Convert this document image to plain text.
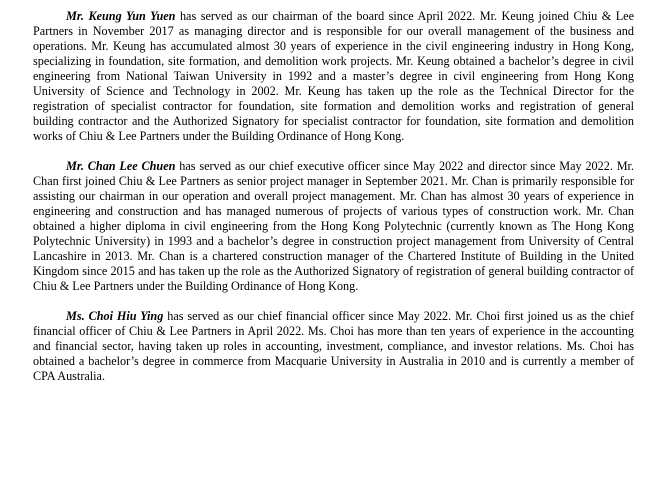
Mr. Keung Yun Yuen has served as our chairman of the board since April 2022. Mr. Keung joined Chiu & Lee Partners in November 2017 as managing director and is responsible for our overall management of the business and operations. Mr. Keung has accumulated almost 30 years of experience in the civil engineering industry in Hong Kong, specializing in foundation, site formation, and demolition work projects. Mr. Keung obtained a bachelor’s degree in civil engineering from National Taiwan University in 1992 and a master’s degree in civil engineering from Hong Kong University of Science and Technology in 2002. Mr. Keung has taken up the role as the Technical Director for the registration of specialist contractor for foundation, site formation and demolition works and registration of general building contractor and the Authorized Signatory for specialist contractor for foundation, site formation and demolition works of Chiu & Lee Partners under the Building Ordinance of Hong Kong.

Mr. Chan Lee Chuen has served as our chief executive officer since May 2022 and director since May 2022. Mr. Chan first joined Chiu & Lee Partners as senior project manager in September 2021. Mr. Chan is primarily responsible for assisting our chairman in our operation and overall project management. Mr. Chan has almost 30 years of experience in engineering and construction and has managed numerous of projects of various types of construction work. Mr. Chan obtained a higher diploma in civil engineering from the Hong Kong Polytechnic (currently known as The Hong Kong Polytechnic University) in 1993 and a bachelor’s degree in construction project management from University of Central Lancashire in 2013. Mr. Chan is a chartered construction manager of the Chartered Institute of Building in the United Kingdom since 2015 and has taken up the role as the Authorized Signatory of registration of general building contractor of Chiu & Lee Partners under the Building Ordinance of Hong Kong.

Ms. Choi Hiu Ying has served as our chief financial officer since May 2022. Mr. Choi first joined us as the chief financial officer of Chiu & Lee Partners in April 2022. Ms. Choi has more than ten years of experience in the accounting and financial sector, having taken up roles in accounting, investment, compliance, and investor relations. Ms. Choi has obtained a bachelor’s degree in commerce from Macquarie University in Australia in 2010 and is currently a member of CPA Australia.
